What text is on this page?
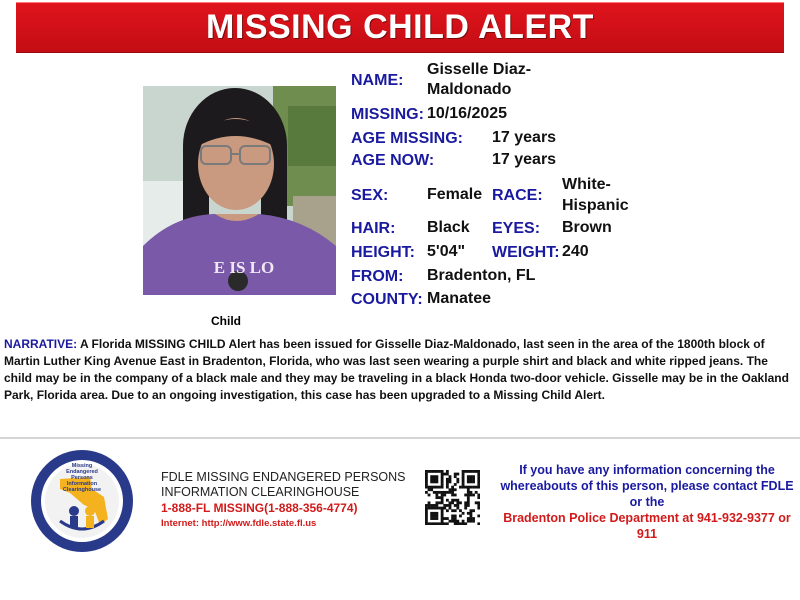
MISSING CHILD ALERT
E IS LO
Child
NAME:
Gisselle Diaz-
Maldonado
MISSING: 10/16/2025
AGE MISSING: 17 years
AGE NOW:	17 years
SEX: Female RACE:
White-
Hispanic
HAIR: Black EYES: Brown
HEIGHT: 5'04" WEIGHT: 240
FROM: Bradenton, FL
COUNTY: Manatee
NARRATIVE: A Florida MISSING CHILD Alert has been issued for Gisselle Diaz-Maldonado, last seen in the area of the 1800th block of Martin Luther King Avenue East in Bradenton, Florida, who was last seen wearing a purple shirt and black and white ripped jeans. The child may be in the company of a black male and they may be traveling in a black Honda two-door vehicle. Gisselle may be in the Oakland Park, Florida area. Due to an ongoing investigation, this case has been upgraded to a Missing Child Alert.
Missing
Endangered
Persons
Information
Clearinghouse
FDLE MISSING ENDANGERED PERSONS
INFORMATION CLEARINGHOUSE
1-888-FL MISSING(1-888-356-4774)
Internet: http://www.fdle.state.fl.us
If you have any information concerning the
whereabouts of this person, please contact FDLE
or the
Bradenton Police Department at 941-932-9377 or
911
